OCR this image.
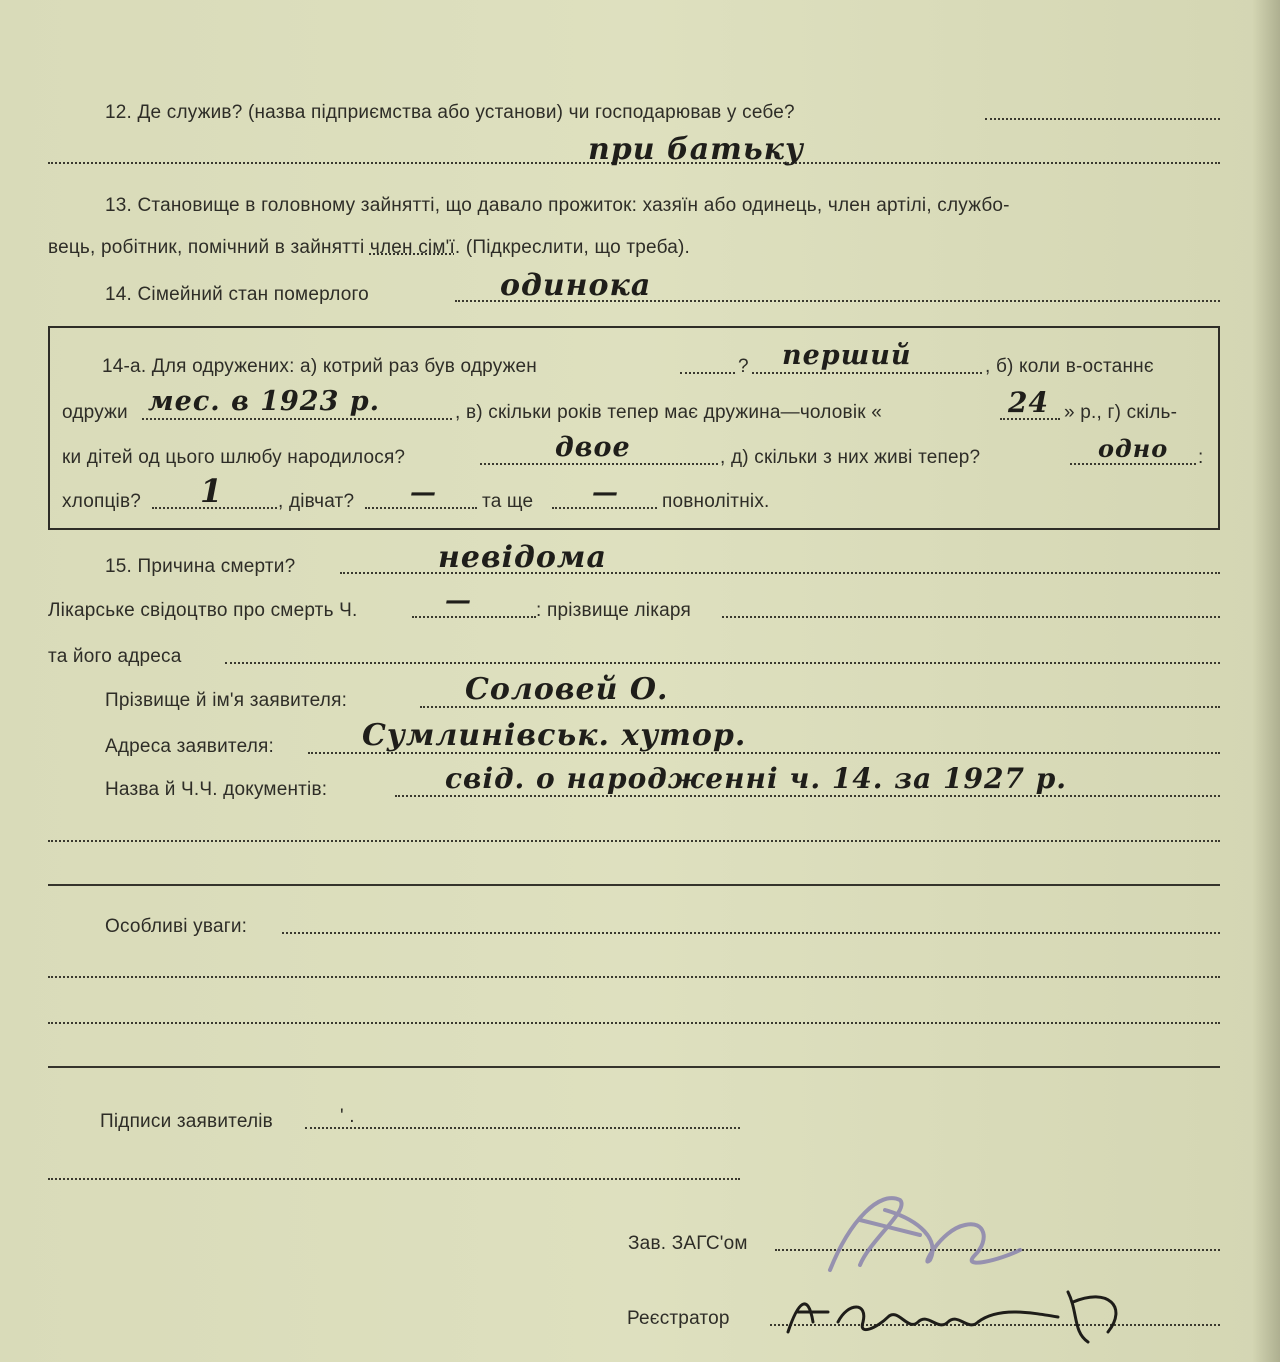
12. Де служив? (назва підприємства або установи) чи господарював у себе?
при батьку
13. Становище в головному зайнятті, що давало прожиток: хазяїн або одинець, член артілі, службо-
вець, робітник, помічний в зайнятті член сім'ї. (Підкреслити, що треба).
14. Сімейний стан померлого	одинока
14-а. Для одружених: а) котрий раз був одружен	? перший	, б) коли в-останнє
одружи мес. в 1923 р.	, в) скільки років тепер має дружина—чоловік «	24 » р., г) скіль-
ки дітей од цього шлюбу народилося?	двое	, д) скільки з них живі тепер?	одно :
хлопців? 1	, дівчат? — та ще — повнолітніх.
15. Причина смерти?	невідома
Лікарське свідоцтво про смерть Ч.	—	: прізвище лікаря
та його адреса
Прізвище й ім'я заявителя:	Соловей О.
Адреса заявителя:	Сумлинівськ. хутор.
Назва й Ч.Ч. документів:	свід. о народженні ч. 14. за 1927 р.
Особливі уваги:
Підписи заявителів	' .
Зав. ЗАГС'ом
Реєстратор
